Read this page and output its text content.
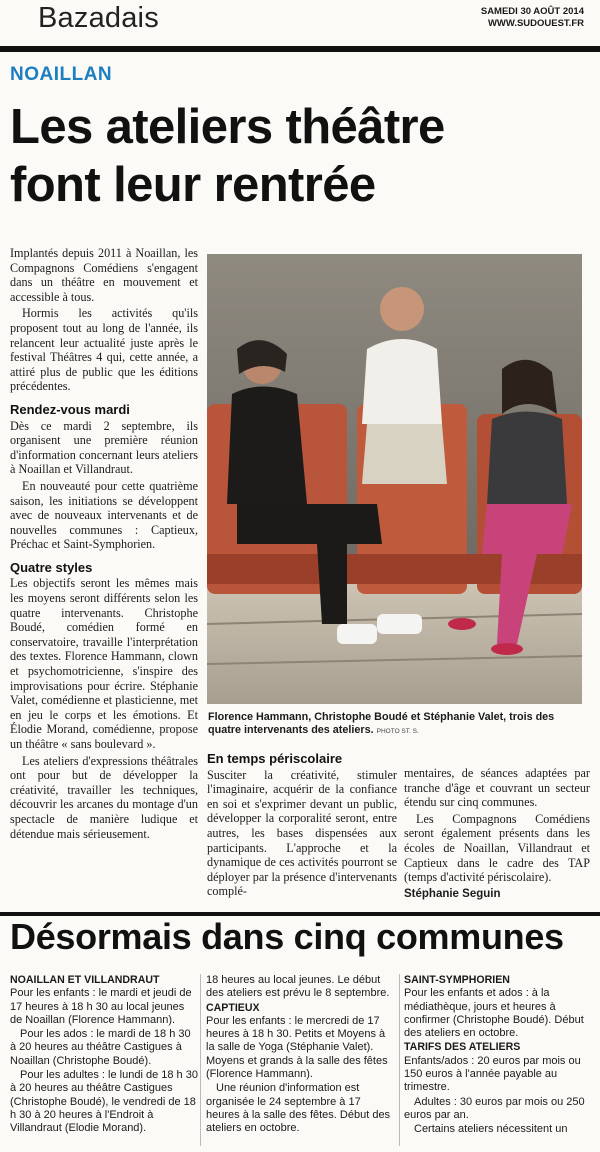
Bazadais	SAMEDI 30 AOÛT 2014
WWW.SUDOUEST.FR
NOAILLAN
Les ateliers théâtre
font leur rentrée

Implantés depuis 2011 à Noaillan, les Compagnons Comédiens s'engagent dans un théâtre en mouvement et accessible à tous.

Hormis les activités qu'ils proposent tout au long de l'année, ils relancent leur actualité juste après le festival Théâtres 4 qui, cette année, a attiré plus de public que les éditions précédentes.

Rendez-vous mardi

Dès ce mardi 2 septembre, ils organisent une première réunion d'information concernant leurs ateliers à Noaillan et Villandraut.

En nouveauté pour cette quatrième saison, les initiations se développent avec de nouveaux intervenants et de nouvelles communes : Captieux, Préchac et Saint-Symphorien.

Quatre styles

Les objectifs seront les mêmes mais les moyens seront différents selon les quatre intervenants. Christophe Boudé, comédien formé en conservatoire, travaille l'interprétation des textes. Florence Hammann, clown et psychomotricienne, s'inspire des improvisations pour écrire. Stéphanie Valet, comédienne et plasticienne, met en jeu le corps et les émotions. Et Élodie Morand, comédienne, propose un théâtre « sans boulevard ».

Les ateliers d'expressions théâtrales ont pour but de développer la créativité, travailler les techniques, découvrir les arcanes du montage d'un spectacle de manière ludique et détendue mais sérieusement.

Florence Hammann, Christophe Boudé et Stéphanie Valet, trois des quatre intervenants des ateliers. PHOTO ST. S.
En temps périscolaire

Susciter la créativité, stimuler l'imaginaire, acquérir de la confiance en soi et s'exprimer devant un public, développer la corporalité seront, entre autres, les bases dispensées aux participants. L'approche et la dynamique de ces activités pourront se déployer par la présence d'intervenants complé-

mentaires, de séances adaptées par tranche d'âge et couvrant un secteur étendu sur cinq communes.

Les Compagnons Comédiens seront également présents dans les écoles de Noaillan, Villandraut et Captieux dans le cadre des TAP (temps d'activité périscolaire).

Stéphanie Seguin

Désormais dans cinq communes
NOAILLAN ET VILLANDRAUT

Pour les enfants : le mardi et jeudi de 17 heures à 18 h 30 au local jeunes de Noaillan (Florence Hammann).

Pour les ados : le mardi de 18 h 30 à 20 heures au théâtre Castigues à Noaillan (Christophe Boudé).

Pour les adultes : le lundi de 18 h 30 à 20 heures au théâtre Castigues (Christophe Boudé), le vendredi de 18 h 30 à 20 heures à l'Endroit à Villandraut (Elodie Morand).

18 heures au local jeunes. Le début des ateliers est prévu le 8 septembre.

CAPTIEUX

Pour les enfants : le mercredi de 17 heures à 18 h 30. Petits et Moyens à la salle de Yoga (Stéphanie Valet). Moyens et grands à la salle des fêtes (Florence Hammann).

Une réunion d'information est organisée le 24 septembre à 17 heures à la salle des fêtes. Début des ateliers en octobre.

SAINT-SYMPHORIEN

Pour les enfants et ados : à la médiathèque, jours et heures à confirmer (Christophe Boudé). Début des ateliers en octobre.

TARIFS DES ATELIERS

Enfants/ados : 20 euros par mois ou 150 euros à l'année payable au trimestre.

Adultes : 30 euros par mois ou 250 euros par an.

Certains ateliers nécessitent un
